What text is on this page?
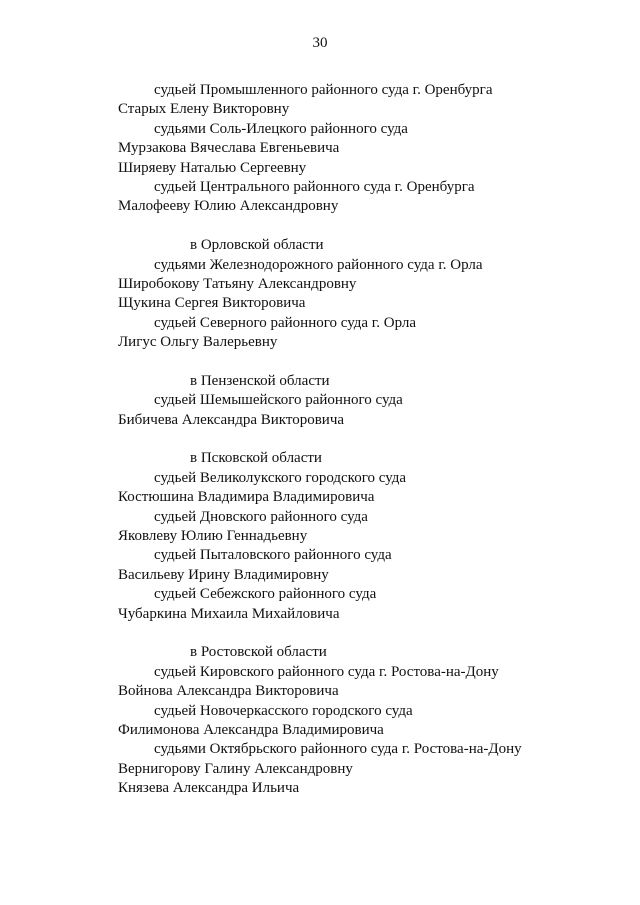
30
судьей Промышленного районного суда г. Оренбурга
Старых Елену Викторовну
судьями Соль-Илецкого районного суда
Мурзакова Вячеслава Евгеньевича
Ширяеву Наталью Сергеевну
судьей Центрального районного суда г. Оренбурга
Малофееву Юлию Александровну
в Орловской области
судьями Железнодорожного районного суда г. Орла
Широбокову Татьяну Александровну
Щукина Сергея Викторовича
судьей Северного районного суда г. Орла
Лигус Ольгу Валерьевну
в Пензенской области
судьей Шемышейского районного суда
Бибичева Александра Викторовича
в Псковской области
судьей Великолукского городского суда
Костюшина Владимира Владимировича
судьей Дновского районного суда
Яковлеву Юлию Геннадьевну
судьей Пыталовского районного суда
Васильеву Ирину Владимировну
судьей Себежского районного суда
Чубаркина Михаила Михайловича
в Ростовской области
судьей Кировского районного суда г. Ростова-на-Дону
Войнова Александра Викторовича
судьей Новочеркасского городского суда
Филимонова Александра Владимировича
судьями Октябрьского районного суда г. Ростова-на-Дону
Вернигорову Галину Александровну
Князева Александра Ильича
